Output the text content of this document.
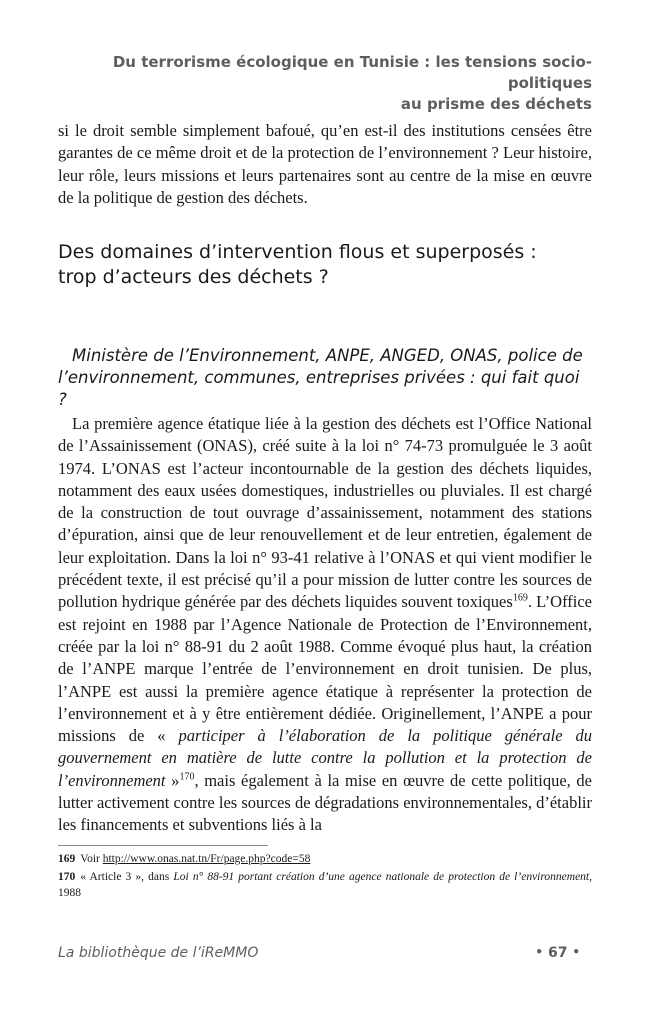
Du terrorisme écologique en Tunisie : les tensions socio-politiques
au prisme des déchets

si le droit semble simplement bafoué, qu’en est-il des institutions censées être garantes de ce même droit et de la protection de l’environnement ? Leur histoire, leur rôle, leurs missions et leurs partenaires sont au centre de la mise en œuvre de la politique de gestion des déchets.

Des domaines d’intervention flous et superposés :
trop d’acteurs des déchets ?
Ministère de l’Environnement, ANPE, ANGED, ONAS, police de
l’environnement, communes, entreprises privées : qui fait quoi ?

La première agence étatique liée à la gestion des déchets est l’Office National de l’Assainissement (ONAS), créé suite à la loi n° 74-73 promulguée le 3 août 1974. L’ONAS est l’acteur incontournable de la gestion des déchets liquides, notamment des eaux usées domestiques, industrielles ou pluviales. Il est chargé de la construction de tout ouvrage d’assainissement, notamment des stations d’épuration, ainsi que de leur renouvellement et de leur entretien, également de leur exploitation. Dans la loi n° 93-41 relative à l’ONAS et qui vient modifier le précédent texte, il est précisé qu’il a pour mission de lutter contre les sources de pollution hydrique générée par des déchets liquides souvent toxiques$^{169}$. L’Office est rejoint en 1988 par l’Agence Nationale de Protection de l’Environnement, créée par la loi n° 88-91 du 2 août 1988. Comme évoqué plus haut, la création de l’ANPE marque l’entrée de l’environnement en droit tunisien. De plus, l’ANPE est aussi la première agence étatique à représenter la protection de l’environnement et à y être entièrement dédiée. Originellement, l’ANPE a pour missions de « participer à l’élaboration de la politique générale du gouvernement en matière de lutte contre la pollution et la protection de l’environnement »$^{170}$, mais également à la mise en œuvre de cette politique, de lutter activement contre les sources de dégradations environnementales, d’établir les financements et subventions liés à la

169 Voir http://www.onas.nat.tn/Fr/page.php?code=58
170 « Article 3 », dans Loi n° 88-91 portant création d’une agence nationale de protection de l’environnement, 1988
La bibliothèque de l’iReMMO	• 67 •
